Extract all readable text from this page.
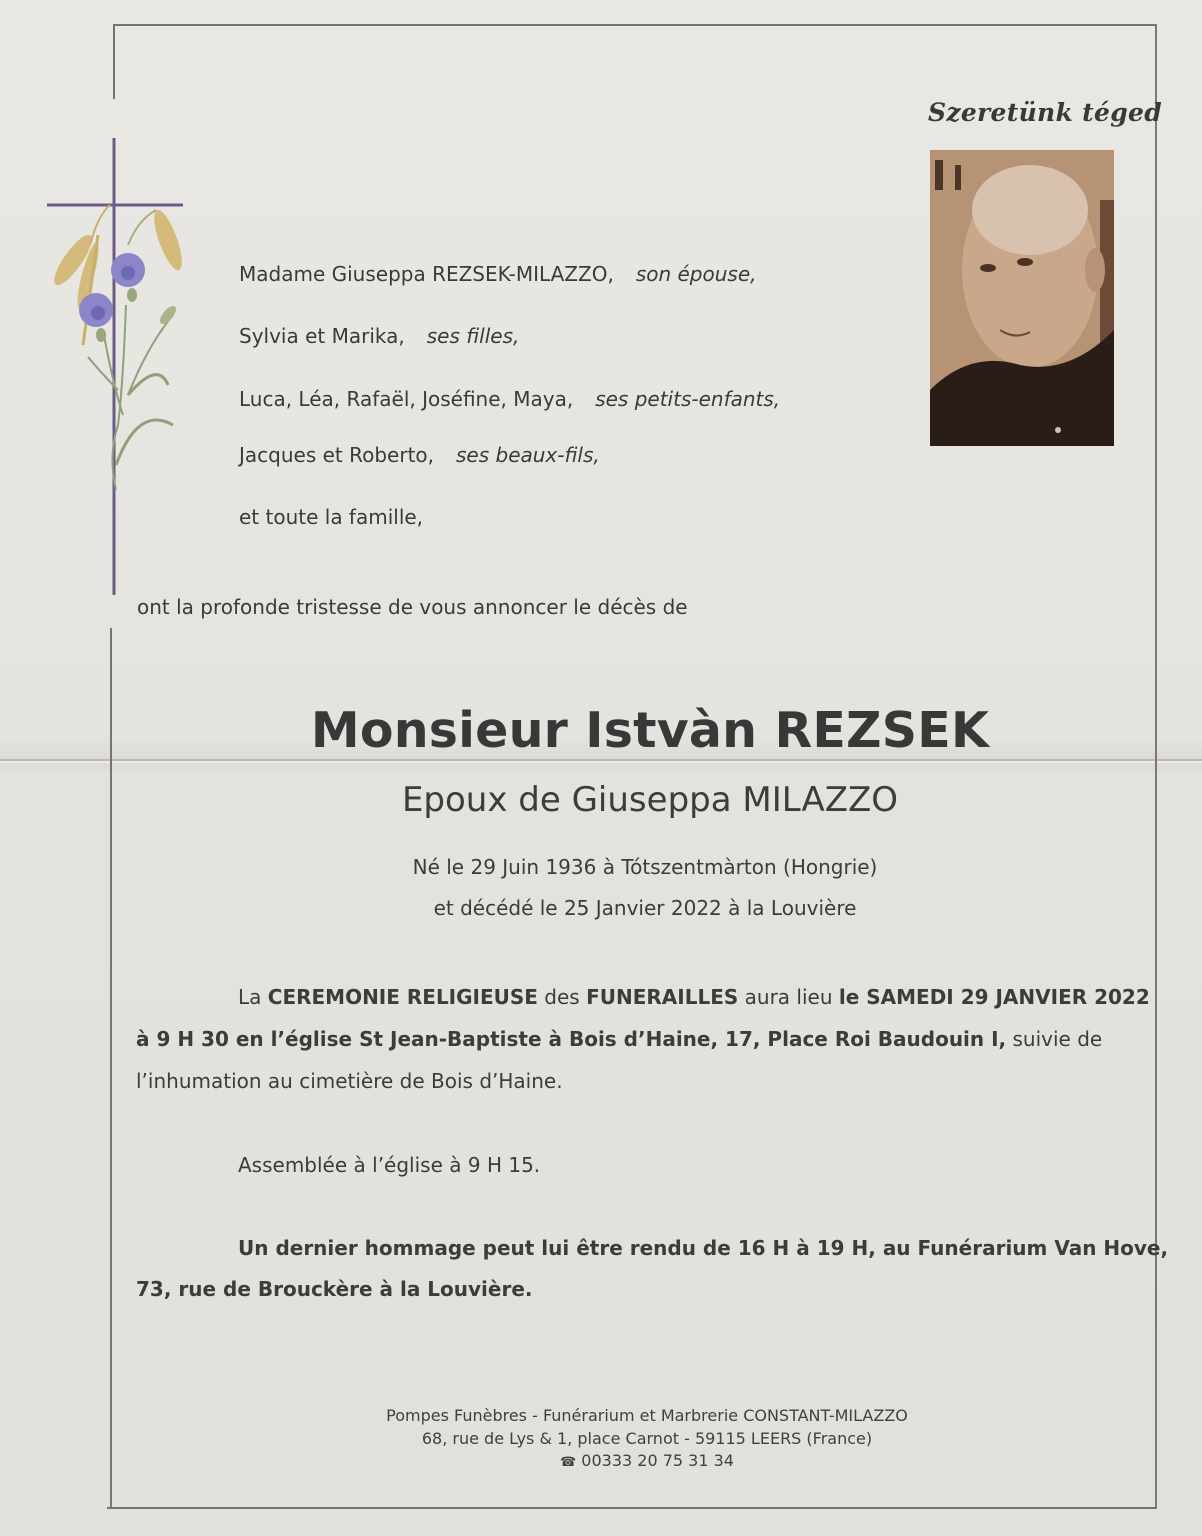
Szeretünk téged
Madame Giuseppa REZSEK-MILAZZO, son épouse,
Sylvia et Marika, ses filles,
Luca, Léa, Rafaël, Joséfine, Maya, ses petits-enfants,
Jacques et Roberto, ses beaux-fils,
et toute la famille,
ont la profonde tristesse de vous annoncer le décès de
Monsieur Istvàn REZSEK
Epoux de Giuseppa MILAZZO
Né le 29 Juin 1936 à Tótszentmàrton (Hongrie)
et décédé le 25 Janvier 2022 à la Louvière
La CEREMONIE RELIGIEUSE des FUNERAILLES aura lieu le SAMEDI 29 JANVIER 2022
à 9 H 30 en l’église St Jean-Baptiste à Bois d’Haine, 17, Place Roi Baudouin I, suivie de
l’inhumation au cimetière de Bois d’Haine.
Assemblée à l’église à 9 H 15.
Un dernier hommage peut lui être rendu de 16 H à 19 H, au Funérarium Van Hove,
73, rue de Brouckère à la Louvière.
Pompes Funèbres - Funérarium et Marbrerie CONSTANT-MILAZZO
68, rue de Lys & 1, place Carnot - 59115 LEERS (France)
☎ 00333 20 75 31 34
